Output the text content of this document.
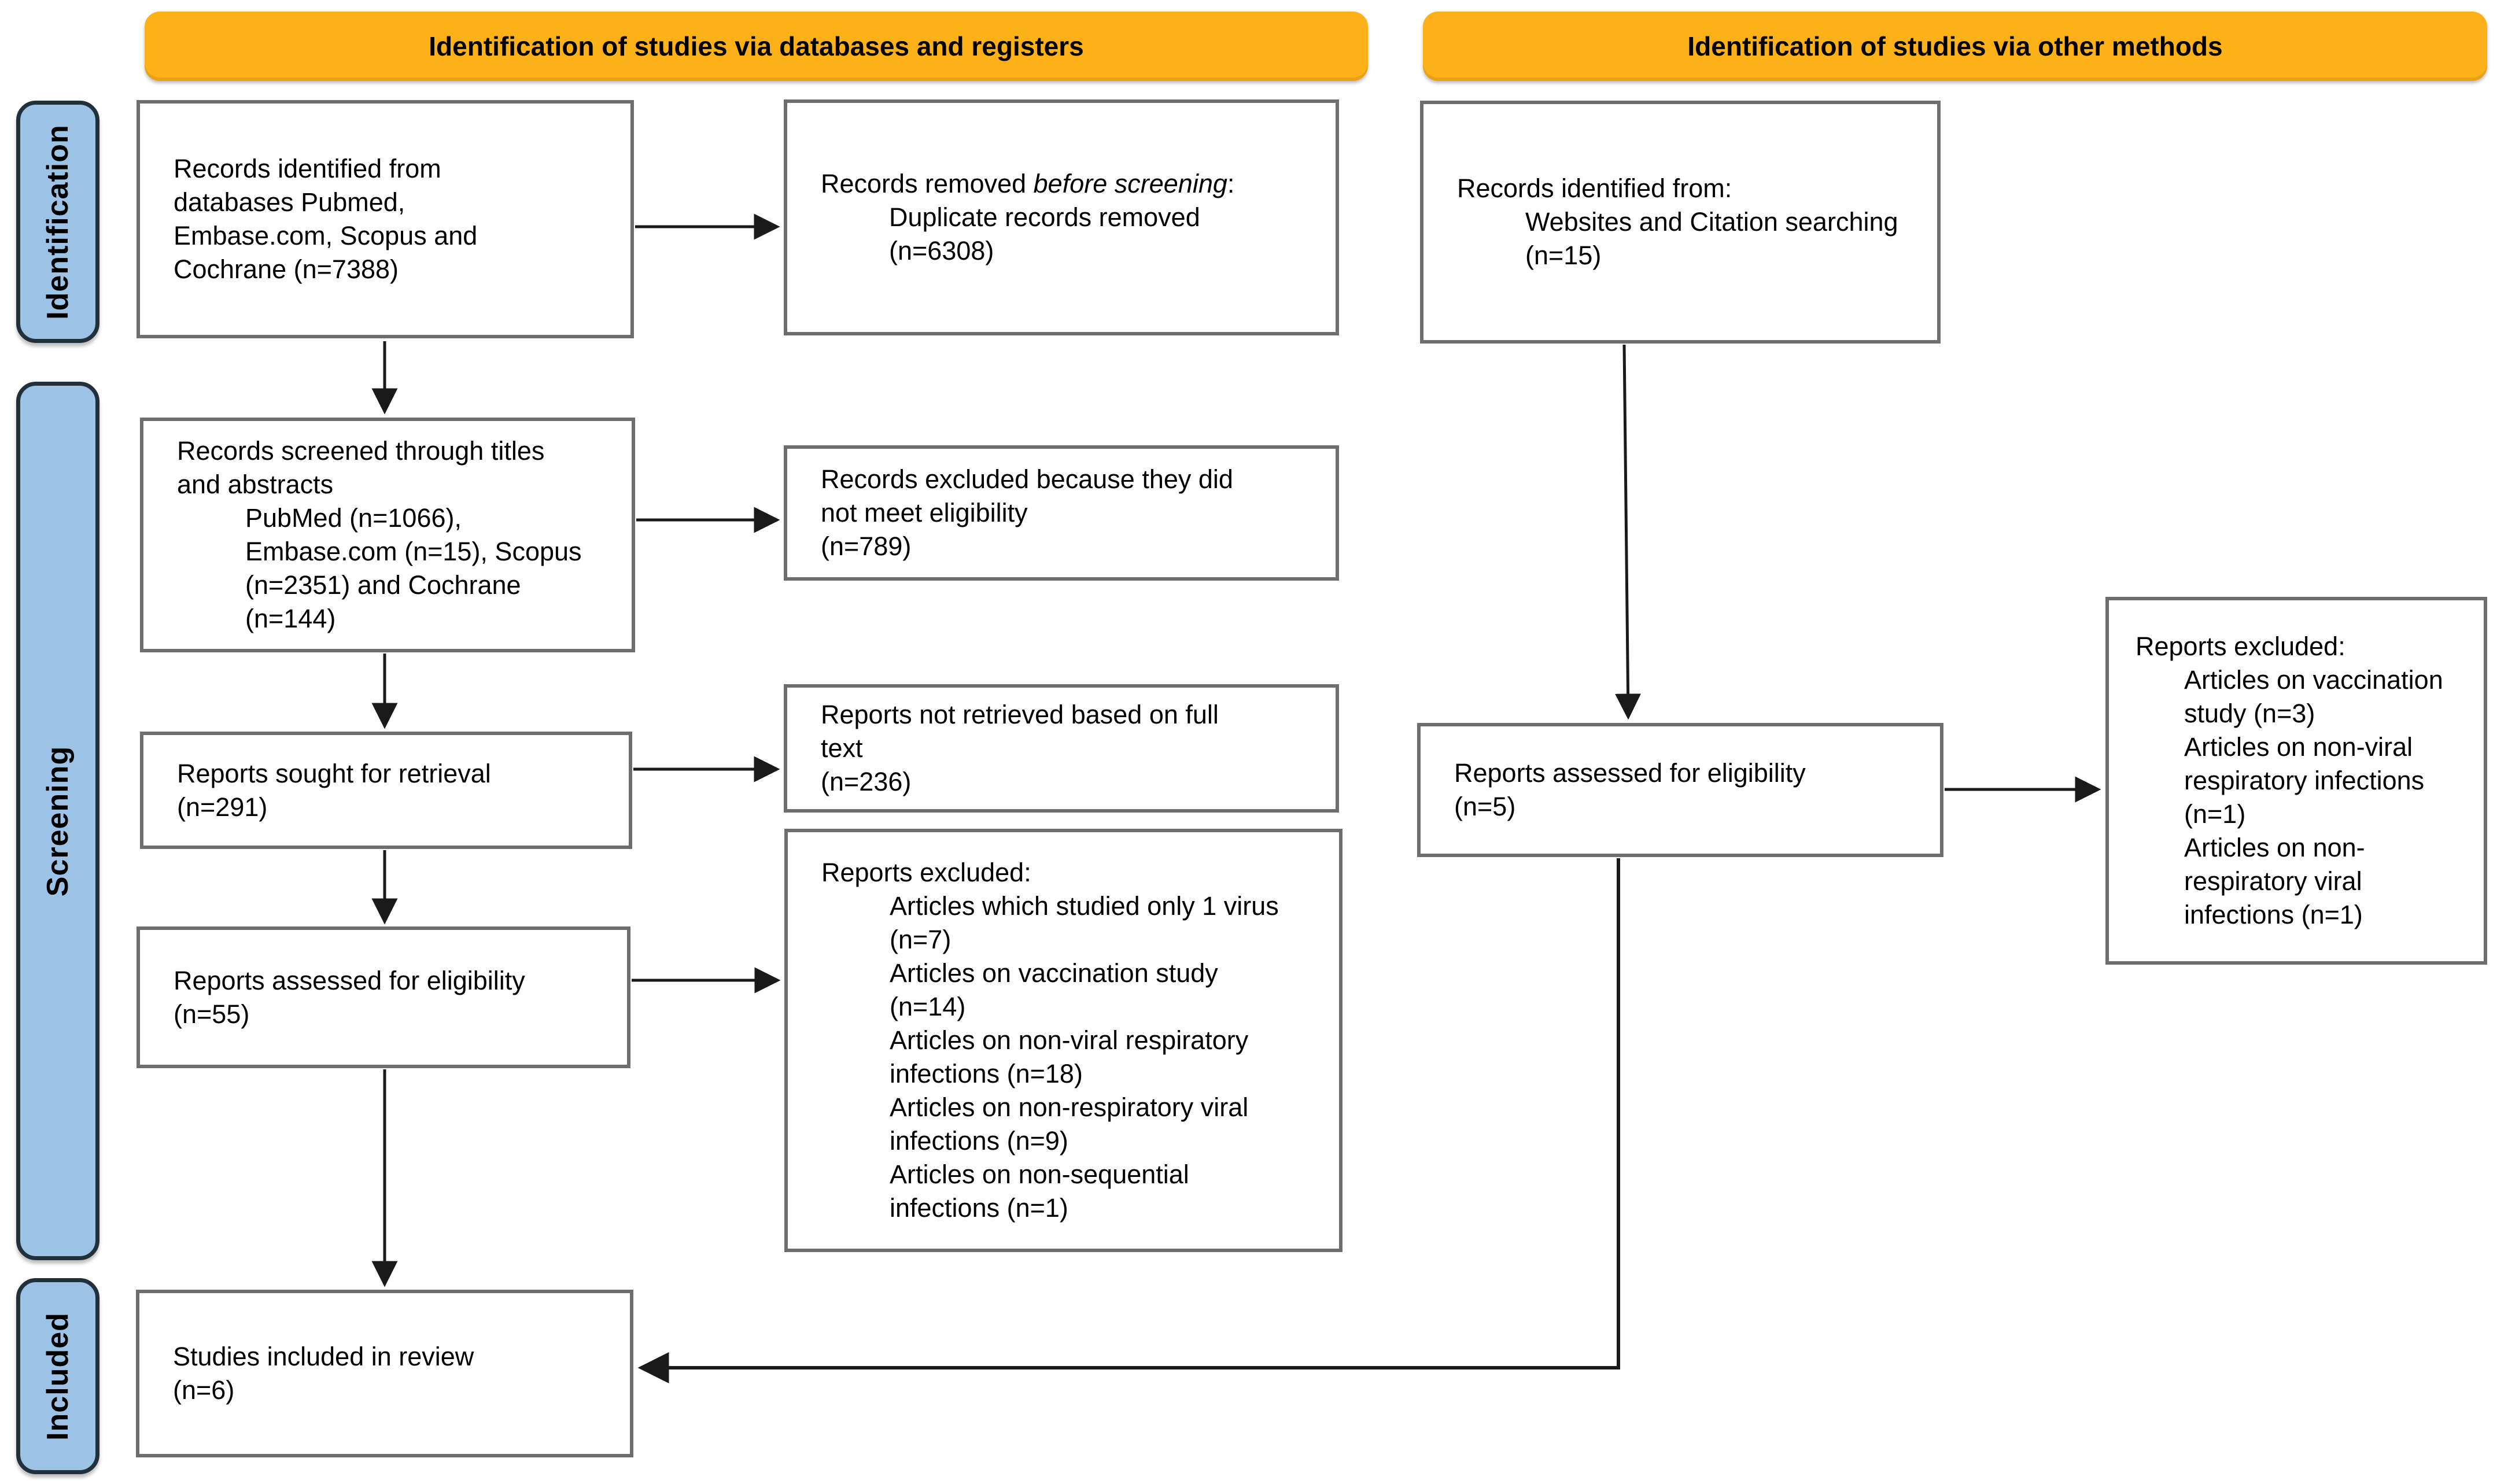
Identification of studies via databases and registers	Identification of studies via other methods
Identification
Screening
Included
Records identified from
databases Pubmed,
Embase.com, Scopus and
Cochrane (n=7388)
Records screened through titles
and abstracts
PubMed (n=1066),
Embase.com (n=15), Scopus
(n=2351) and Cochrane
(n=144)
Reports sought for retrieval
(n=291)
Reports assessed for eligibility
(n=55)
Studies included in review
(n=6)
Records removed before screening:
Duplicate records removed
(n=6308)
Records excluded because they did
not meet eligibility
(n=789)
Reports not retrieved based on full
text
(n=236)
Reports excluded:
Articles which studied only 1 virus
(n=7)
Articles on vaccination study
(n=14)
Articles on non-viral respiratory
infections (n=18)
Articles on non-respiratory viral
infections (n=9)
Articles on non-sequential
infections (n=1)
Records identified from:
Websites and Citation searching
(n=15)
Reports assessed for eligibility
(n=5)
Reports excluded:
Articles on vaccination
study (n=3)
Articles on non-viral
respiratory infections
(n=1)
Articles on non-
respiratory viral
infections (n=1)
